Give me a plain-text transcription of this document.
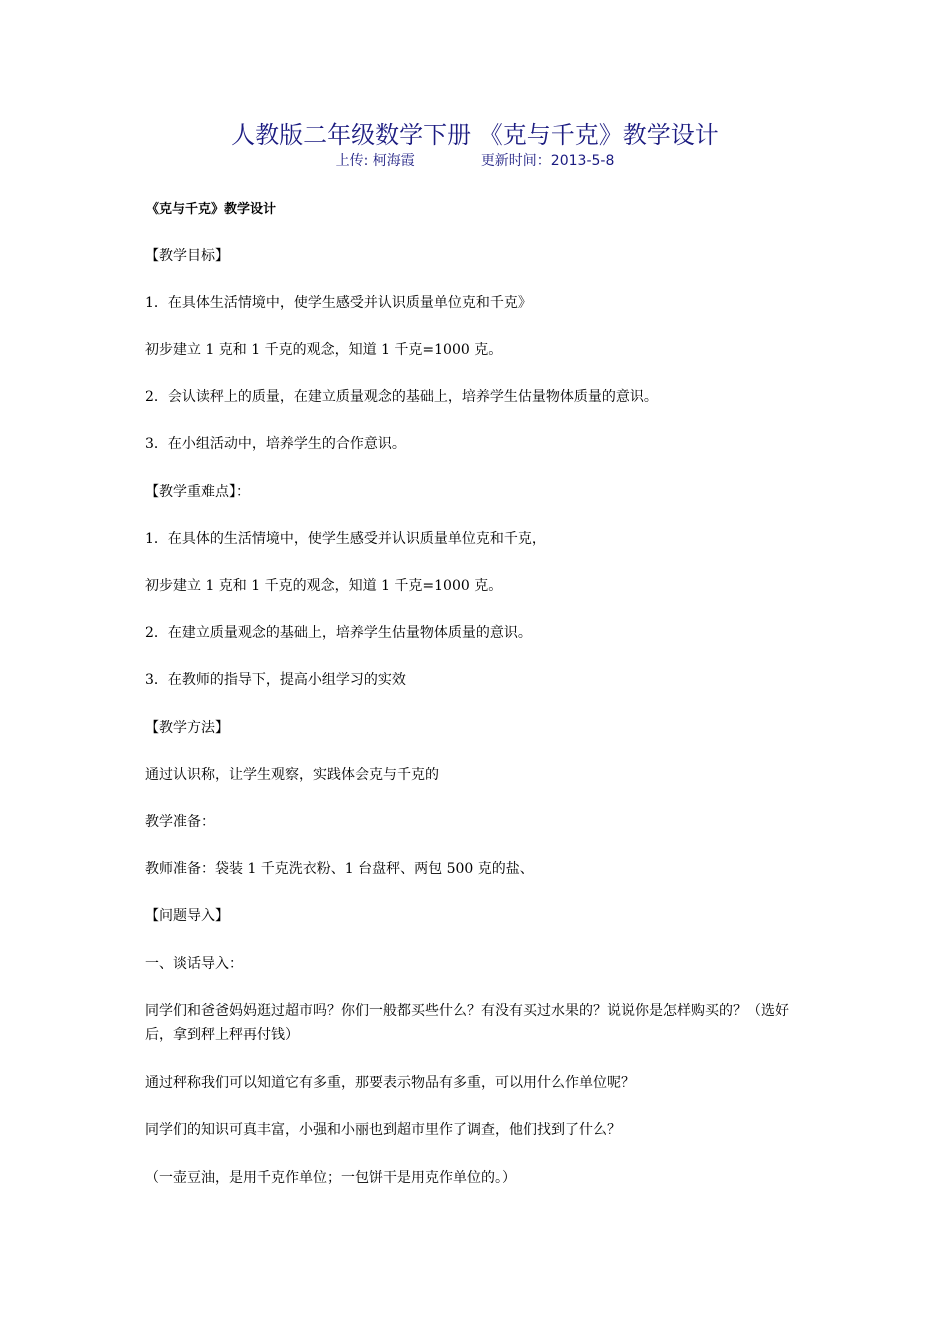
人教版二年级数学下册 《克与千克》教学设计
上传: 柯海霞	更新时间：2013-5-8
《克与千克》教学设计
【教学目标】
1．在具体生活情境中，使学生感受并认识质量单位克和千克》
初步建立 1 克和 1 千克的观念，知道 1 千克=1000 克。
2．会认读秤上的质量，在建立质量观念的基础上，培养学生估量物体质量的意识。
3．在小组活动中，培养学生的合作意识。
【教学重难点】：
1．在具体的生活情境中，使学生感受并认识质量单位克和千克，
初步建立 1 克和 1 千克的观念，知道 1 千克=1000 克。
2．在建立质量观念的基础上，培养学生估量物体质量的意识。
3．在教师的指导下，提高小组学习的实效
【教学方法】
通过认识称，让学生观察，实践体会克与千克的
教学准备：
教师准备：袋装 1 千克洗衣粉、1 台盘秤、两包 500 克的盐、
【问题导入】
一、谈话导入：
同学们和爸爸妈妈逛过超市吗？你们一般都买些什么？有没有买过水果的？说说你是怎样购买的？（选好后，拿到秤上秤再付钱）
通过秤称我们可以知道它有多重，那要表示物品有多重，可以用什么作单位呢？
同学们的知识可真丰富，小强和小丽也到超市里作了调查，他们找到了什么？
（一壶豆油，是用千克作单位；一包饼干是用克作单位的。）
